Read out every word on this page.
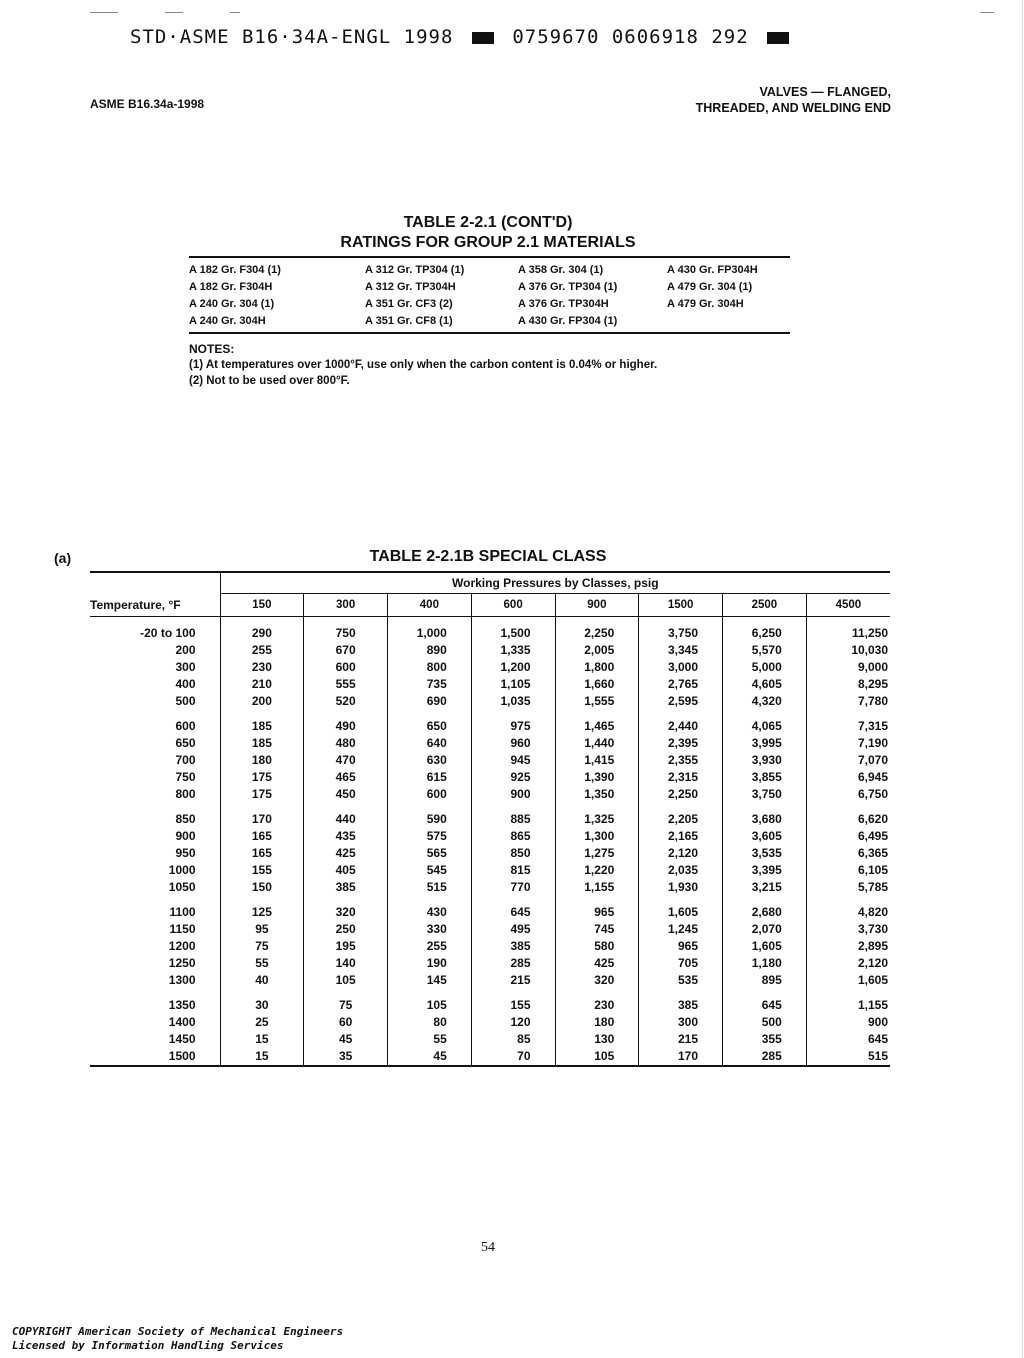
STD·ASME B16·34A-ENGL 1998	0759670 0606918 292
ASME B16.34a-1998
VALVES — FLANGED,
THREADED, AND WELDING END
TABLE 2-2.1 (CONT'D)
RATINGS FOR GROUP 2.1 MATERIALS
A 182 Gr. F304 (1)	A 312 Gr. TP304 (1)	A 358 Gr. 304 (1)	A 430 Gr. FP304H
A 182 Gr. F304H	A 312 Gr. TP304H	A 376 Gr. TP304 (1)	A 479 Gr. 304 (1)
A 240 Gr. 304 (1)	A 351 Gr. CF3 (2)	A 376 Gr. TP304H	A 479 Gr. 304H
A 240 Gr. 304H	A 351 Gr. CF8 (1)	A 430 Gr. FP304 (1)
NOTES:
(1) At temperatures over 1000°F, use only when the carbon content is 0.04% or higher.
(2) Not to be used over 800°F.
(a)	TABLE 2-2.1B SPECIAL CLASS
Temperature, °F	Working Pressures by Classes, psig							
	150	300	400	600	900	1500	2500	4500

-20 to 100	290	750	1,000	1,500	2,250	3,750	6,250	11,250
200	255	670	890	1,335	2,005	3,345	5,570	10,030
300	230	600	800	1,200	1,800	3,000	5,000	9,000
400	210	555	735	1,105	1,660	2,765	4,605	8,295
500	200	520	690	1,035	1,555	2,595	4,320	7,780

600	185	490	650	975	1,465	2,440	4,065	7,315
650	185	480	640	960	1,440	2,395	3,995	7,190
700	180	470	630	945	1,415	2,355	3,930	7,070
750	175	465	615	925	1,390	2,315	3,855	6,945
800	175	450	600	900	1,350	2,250	3,750	6,750

850	170	440	590	885	1,325	2,205	3,680	6,620
900	165	435	575	865	1,300	2,165	3,605	6,495
950	165	425	565	850	1,275	2,120	3,535	6,365
1000	155	405	545	815	1,220	2,035	3,395	6,105
1050	150	385	515	770	1,155	1,930	3,215	5,785

1100	125	320	430	645	965	1,605	2,680	4,820
1150	95	250	330	495	745	1,245	2,070	3,730
1200	75	195	255	385	580	965	1,605	2,895
1250	55	140	190	285	425	705	1,180	2,120
1300	40	105	145	215	320	535	895	1,605

1350	30	75	105	155	230	385	645	1,155
1400	25	60	80	120	180	300	500	900
1450	15	45	55	85	130	215	355	645
1500	15	35	45	70	105	170	285	515
54
COPYRIGHT American Society of Mechanical Engineers
Licensed by Information Handling Services
